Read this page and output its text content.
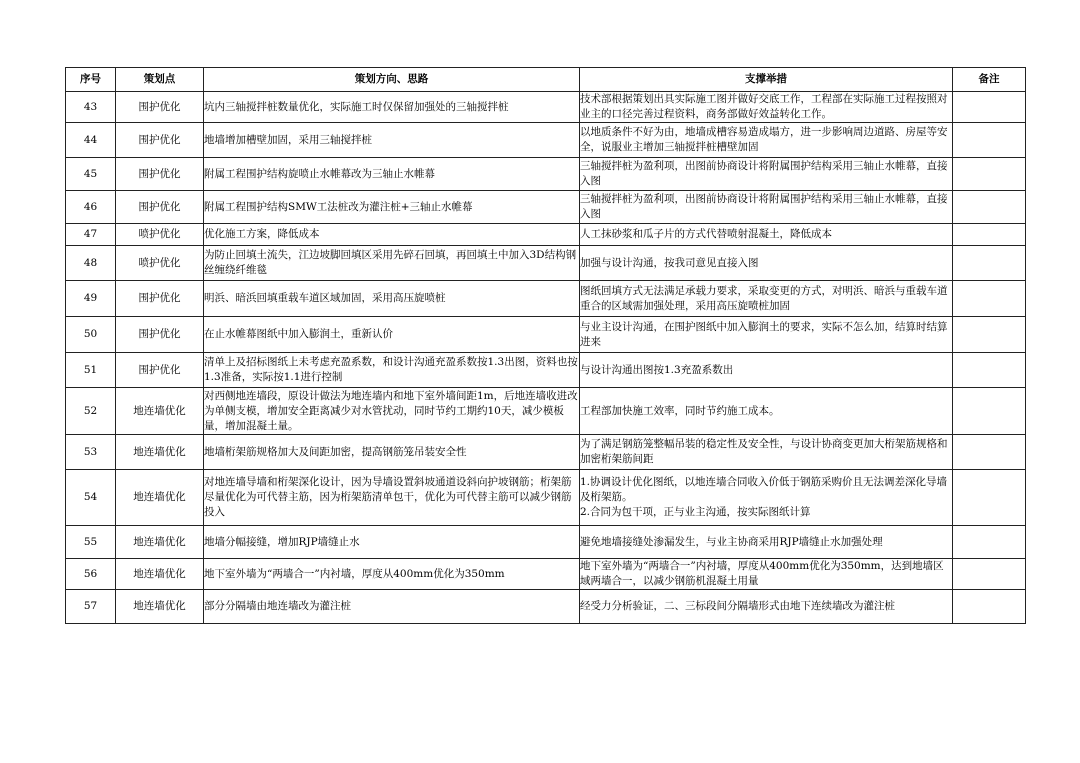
序号	策划点	策划方向、思路	支撑举措	备注
43	围护优化	坑内三轴搅拌桩数量优化，实际施工时仅保留加强处的三轴搅拌桩	技术部根据策划出具实际施工图并做好交底工作，工程部在实际施工过程按照对业主的口径完善过程资料，商务部做好效益转化工作。	
44	围护优化	地墙增加槽壁加固，采用三轴搅拌桩	以地质条件不好为由，地墙成槽容易造成塌方，进一步影响周边道路、房屋等安全，说服业主增加三轴搅拌桩槽壁加固	
45	围护优化	附属工程围护结构旋喷止水帷幕改为三轴止水帷幕	三轴搅拌桩为盈利项，出图前协商设计将附属围护结构采用三轴止水帷幕，直接入图	
46	围护优化	附属工程围护结构SMW工法桩改为灌注桩+三轴止水帷幕	三轴搅拌桩为盈利项，出图前协商设计将附属围护结构采用三轴止水帷幕，直接入图	
47	喷护优化	优化施工方案，降低成本	人工抹砂浆和瓜子片的方式代替喷射混凝土，降低成本	
48	喷护优化	为防止回填土流失，江边坡脚回填区采用先碎石回填，再回填土中加入3D结构钢丝缠绕纤维毯	加强与设计沟通，按我司意见直接入图	
49	围护优化	明浜、暗浜回填重载车道区域加固，采用高压旋喷桩	图纸回填方式无法满足承载力要求，采取变更的方式，对明浜、暗浜与重载车道重合的区域需加强处理，采用高压旋喷桩加固	
50	围护优化	在止水帷幕图纸中加入膨润土，重新认价	与业主设计沟通，在围护图纸中加入膨润土的要求，实际不怎么加，结算时结算进来	
51	围护优化	清单上及招标图纸上未考虑充盈系数，和设计沟通充盈系数按1.3出图，资料也按1.3准备，实际按1.1进行控制	与设计沟通出图按1.3充盈系数出	
52	地连墙优化	对西侧地连墙段，原设计做法为地连墙内和地下室外墙间距1m，后地连墙收进改为单侧支模，增加安全距离减少对水管扰动，同时节约工期约10天，减少模板量，增加混凝土量。	工程部加快施工效率，同时节约施工成本。	
53	地连墙优化	地墙桁架筋规格加大及间距加密，提高钢筋笼吊装安全性	为了满足钢筋笼整幅吊装的稳定性及安全性，与设计协商变更加大桁架筋规格和加密桁架筋间距	
54	地连墙优化	对地连墙导墙和桁架深化设计，因为导墙设置斜坡通道设斜向护坡钢筋；桁架筋尽量优化为可代替主筋，因为桁架筋清单包干，优化为可代替主筋可以减少钢筋投入	1.协调设计优化图纸，以地连墙合同收入价低于钢筋采购价且无法调差深化导墙及桁架筋。
2.合同为包干项，正与业主沟通，按实际图纸计算	
55	地连墙优化	地墙分幅接缝，增加RJP墙缝止水	避免地墙接缝处渗漏发生，与业主协商采用RJP墙缝止水加强处理	
56	地连墙优化	地下室外墙为“两墙合一”内衬墙，厚度从400mm优化为350mm	地下室外墙为“两墙合一”内衬墙，厚度从400mm优化为350mm，达到地墙区域两墙合一，以减少钢筋机混凝土用量	
57	地连墙优化	部分分隔墙由地连墙改为灌注桩	经受力分析验证，二、三标段间分隔墙形式由地下连续墙改为灌注桩	
